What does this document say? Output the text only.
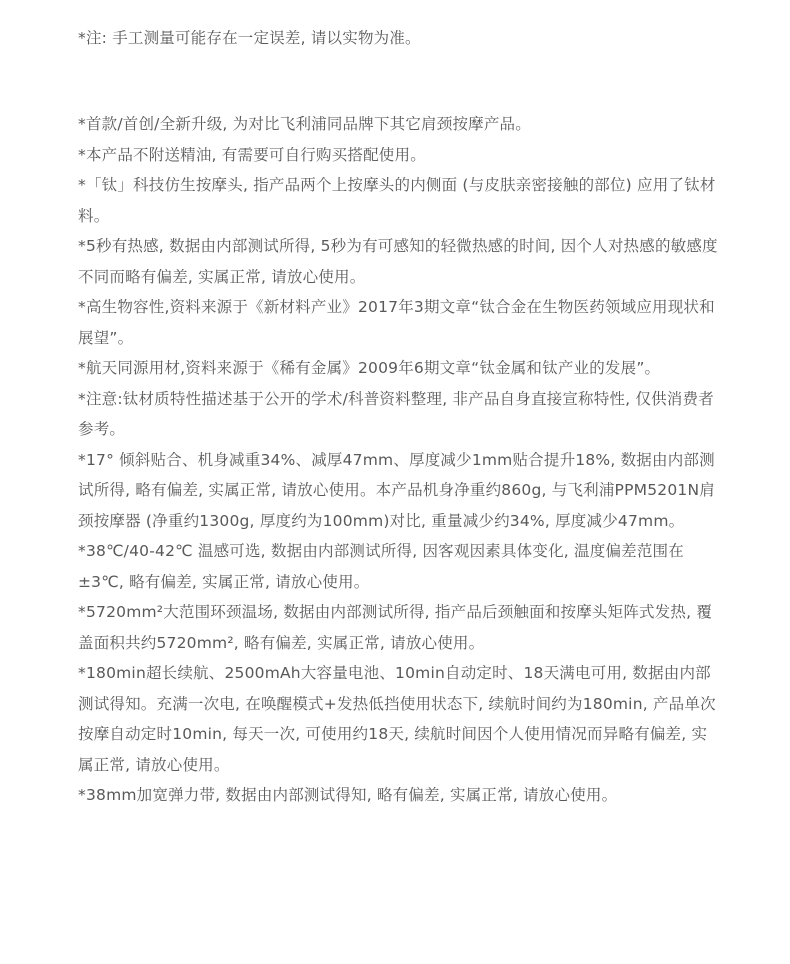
*注: 手工测量可能存在一定误差, 请以实物为准。

*首款/首创/全新升级, 为对比飞利浦同品牌下其它肩颈按摩产品。
*本产品不附送精油, 有需要可自行购买搭配使用。
*「钛」科技仿生按摩头, 指产品两个上按摩头的内侧面 (与皮肤亲密接触的部位) 应用了钛材料。
*5秒有热感, 数据由内部测试所得, 5秒为有可感知的轻微热感的时间, 因个人对热感的敏感度不同而略有偏差, 实属正常, 请放心使用。
*高生物容性,资料来源于《新材料产业》2017年3期文章“钛合金在生物医药领域应用现状和展望”。
*航天同源用材,资料来源于《稀有金属》2009年6期文章“钛金属和钛产业的发展”。
*注意:钛材质特性描述基于公开的学术/科普资料整理, 非产品自身直接宣称特性, 仅供消费者参考。
*17° 倾斜贴合、机身减重34%、减厚47mm、厚度减少1mm贴合提升18%, 数据由内部测试所得, 略有偏差, 实属正常, 请放心使用。本产品机身净重约860g, 与飞利浦PPM5201N肩颈按摩器 (净重约1300g, 厚度约为100mm)对比, 重量减少约34%, 厚度减少47mm。
*38℃/40-42℃ 温感可选, 数据由内部测试所得, 因客观因素具体变化, 温度偏差范围在±3℃, 略有偏差, 实属正常, 请放心使用。
*5720mm²大范围环颈温场, 数据由内部测试所得, 指产品后颈触面和按摩头矩阵式发热, 覆盖面积共约5720mm², 略有偏差, 实属正常, 请放心使用。
*180min超长续航、2500mAh大容量电池、10min自动定时、18天满电可用, 数据由内部测试得知。充满一次电, 在唤醒模式+发热低挡使用状态下, 续航时间约为180min, 产品单次按摩自动定时10min, 每天一次, 可使用约18天, 续航时间因个人使用情况而异略有偏差, 实属正常, 请放心使用。
*38mm加宽弹力带, 数据由内部测试得知, 略有偏差, 实属正常, 请放心使用。
